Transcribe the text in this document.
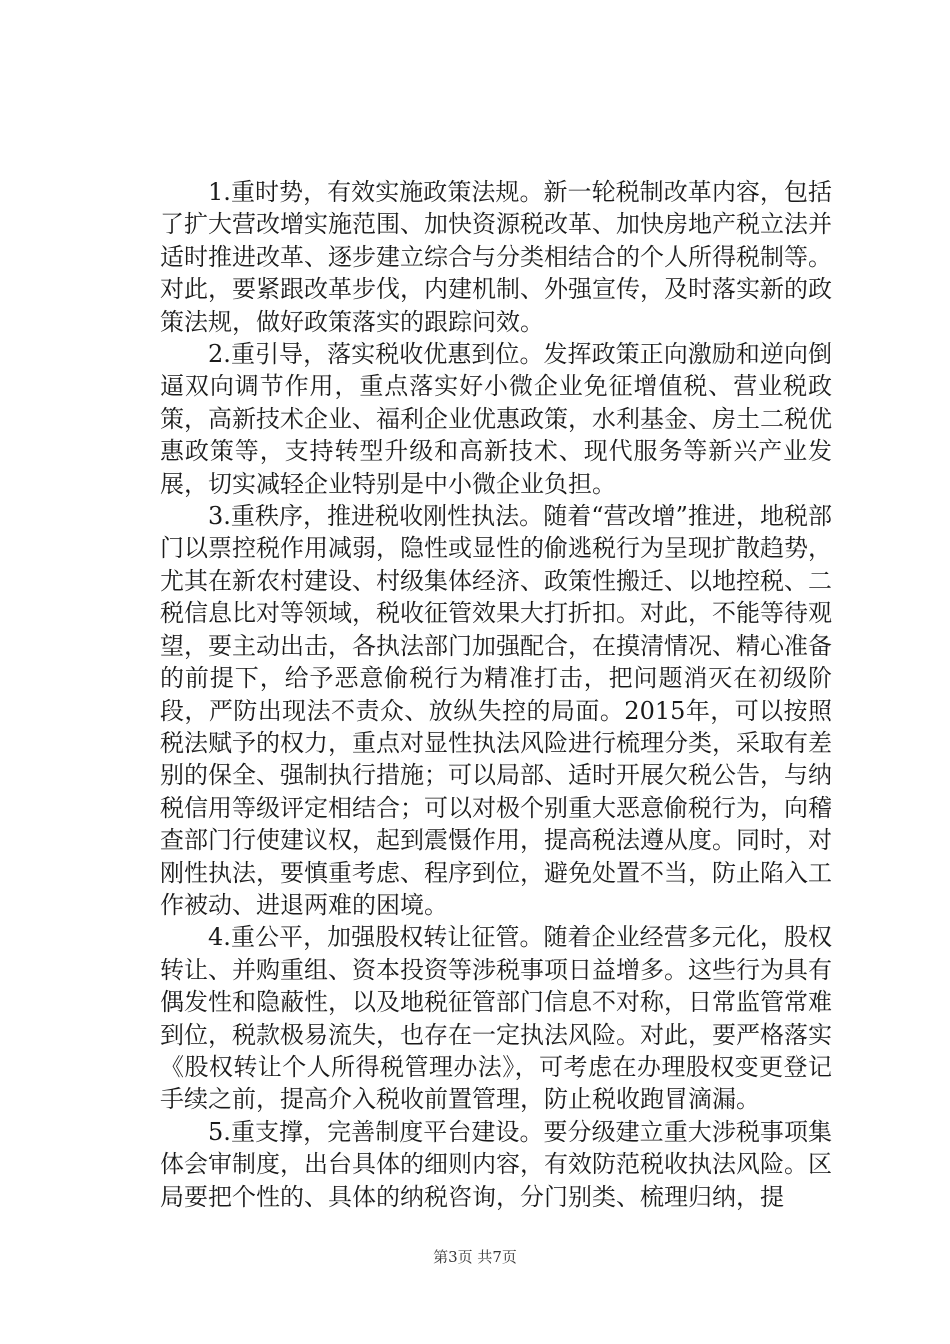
1.重时势，有效实施政策法规。新一轮税制改革内容，包括了扩大营改增实施范围、加快资源税改革、加快房地产税立法并适时推进改革、逐步建立综合与分类相结合的个人所得税制等。对此，要紧跟改革步伐，内建机制、外强宣传，及时落实新的政策法规，做好政策落实的跟踪问效。

2.重引导，落实税收优惠到位。发挥政策正向激励和逆向倒逼双向调节作用，重点落实好小微企业免征增值税、营业税政策，高新技术企业、福利企业优惠政策，水利基金、房土二税优惠政策等，支持转型升级和高新技术、现代服务等新兴产业发展，切实减轻企业特别是中小微企业负担。

3.重秩序，推进税收刚性执法。随着“营改增”推进，地税部门以票控税作用减弱，隐性或显性的偷逃税行为呈现扩散趋势，尤其在新农村建设、村级集体经济、政策性搬迁、以地控税、二税信息比对等领域，税收征管效果大打折扣。对此，不能等待观望，要主动出击，各执法部门加强配合，在摸清情况、精心准备的前提下，给予恶意偷税行为精准打击，把问题消灭在初级阶段，严防出现法不责众、放纵失控的局面。2015年，可以按照税法赋予的权力，重点对显性执法风险进行梳理分类，采取有差别的保全、强制执行措施；可以局部、适时开展欠税公告，与纳税信用等级评定相结合；可以对极个别重大恶意偷税行为，向稽查部门行使建议权，起到震慑作用，提高税法遵从度。同时，对刚性执法，要慎重考虑、程序到位，避免处置不当，防止陷入工作被动、进退两难的困境。

4.重公平，加强股权转让征管。随着企业经营多元化，股权转让、并购重组、资本投资等涉税事项日益增多。这些行为具有偶发性和隐蔽性，以及地税征管部门信息不对称，日常监管常难到位，税款极易流失，也存在一定执法风险。对此，要严格落实《股权转让个人所得税管理办法》，可考虑在办理股权变更登记手续之前，提高介入税收前置管理，防止税收跑冒滴漏。

5.重支撑，完善制度平台建设。要分级建立重大涉税事项集体会审制度，出台具体的细则内容，有效防范税收执法风险。区局要把个性的、具体的纳税咨询，分门别类、梳理归纳，提

第3页 共7页
